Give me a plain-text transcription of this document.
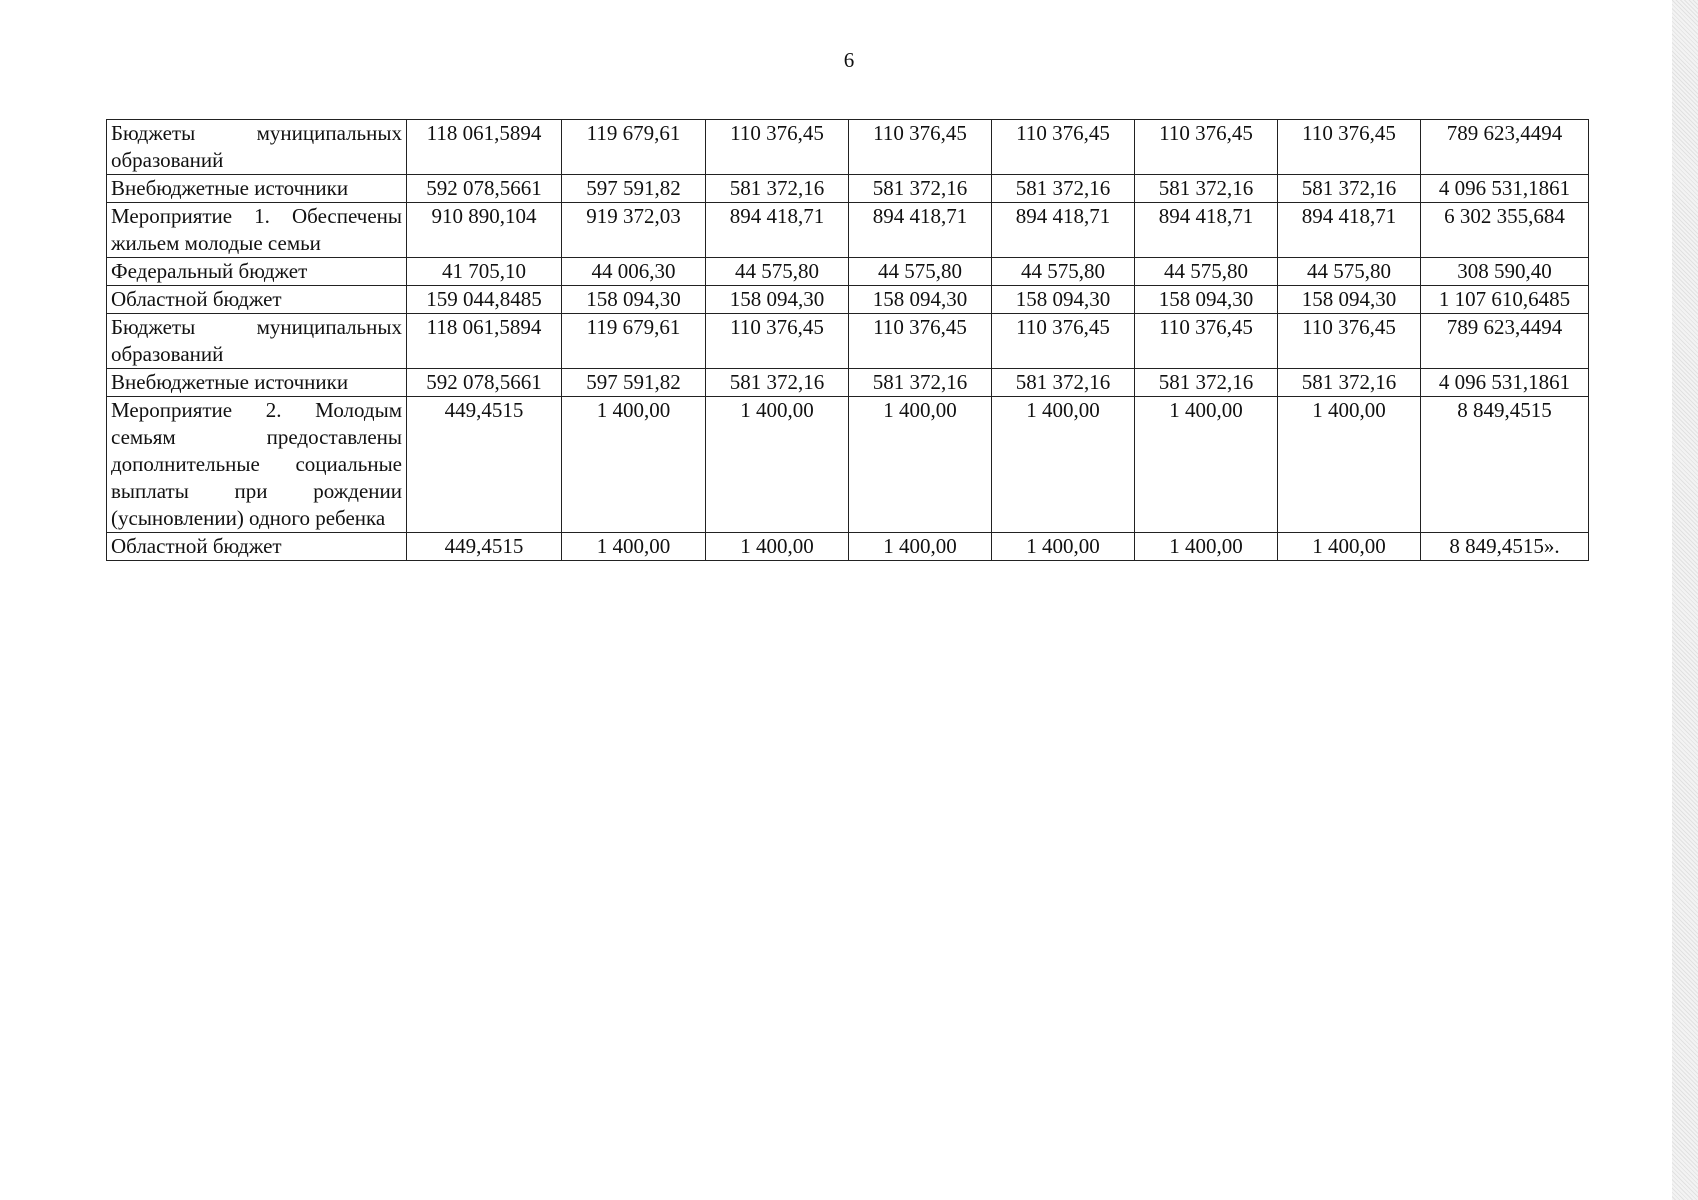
6
Бюджеты муниципальных образований	118 061,5894	119 679,61	110 376,45	110 376,45	110 376,45	110 376,45	110 376,45	789 623,4494
Внебюджетные источники	592 078,5661	597 591,82	581 372,16	581 372,16	581 372,16	581 372,16	581 372,16	4 096 531,1861
Мероприятие 1. Обеспечены жильем молодые семьи	910 890,104	919 372,03	894 418,71	894 418,71	894 418,71	894 418,71	894 418,71	6 302 355,684
Федеральный бюджет	41 705,10	44 006,30	44 575,80	44 575,80	44 575,80	44 575,80	44 575,80	308 590,40
Областной бюджет	159 044,8485	158 094,30	158 094,30	158 094,30	158 094,30	158 094,30	158 094,30	1 107 610,6485
Бюджеты муниципальных образований	118 061,5894	119 679,61	110 376,45	110 376,45	110 376,45	110 376,45	110 376,45	789 623,4494
Внебюджетные источники	592 078,5661	597 591,82	581 372,16	581 372,16	581 372,16	581 372,16	581 372,16	4 096 531,1861
Мероприятие 2. Молодым семьям предоставлены дополнительные социальные выплаты при рождении (усыновлении) одного ребенка	449,4515	1 400,00	1 400,00	1 400,00	1 400,00	1 400,00	1 400,00	8 849,4515
Областной бюджет	449,4515	1 400,00	1 400,00	1 400,00	1 400,00	1 400,00	1 400,00	8 849,4515».
